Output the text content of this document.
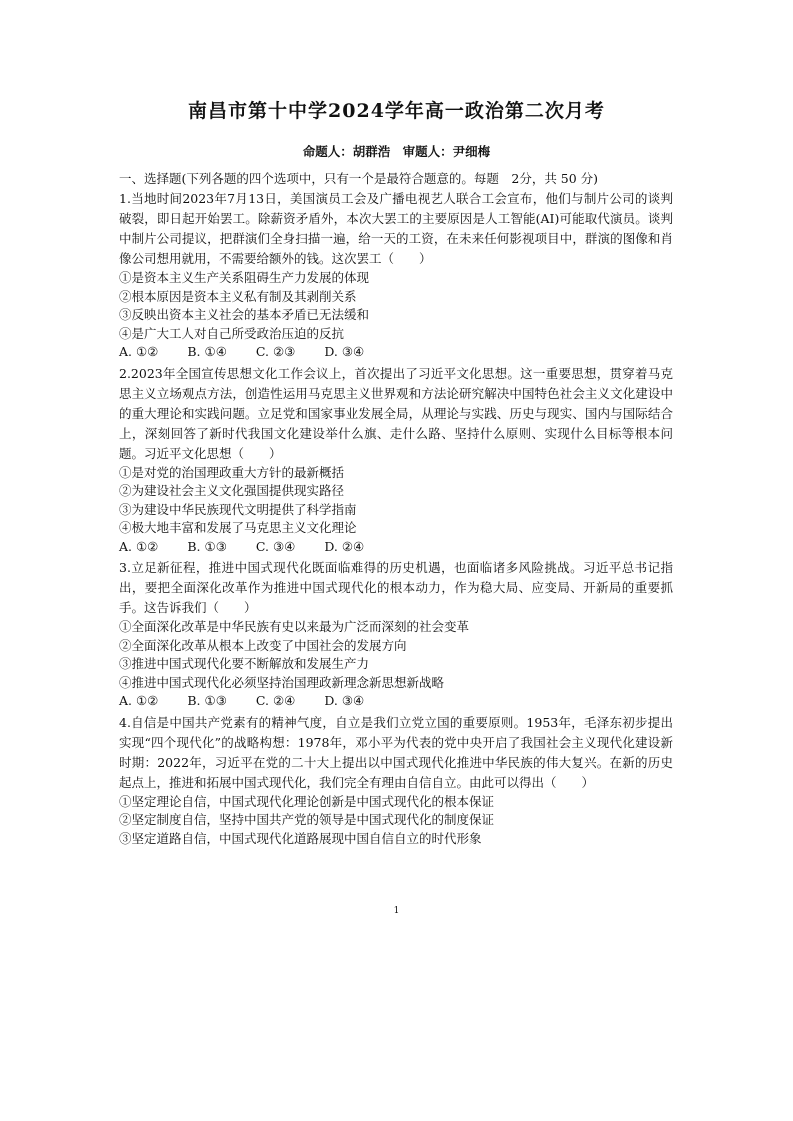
南昌市第十中学2024学年高一政治第二次月考
命题人：胡群浩 审题人：尹细梅
一、选择题(下列各题的四个选项中，只有一个是最符合题意的。每题　2分，共 50 分)
1.当地时间2023年7月13日，美国演员工会及广播电视艺人联合工会宣布，他们与制片公司的谈判破裂，即日起开始罢工。除薪资矛盾外，本次大罢工的主要原因是人工智能(AI)可能取代演员。谈判中制片公司提议，把群演们全身扫描一遍，给一天的工资，在未来任何影视项目中，群演的图像和肖像公司想用就用，不需要给额外的钱。这次罢工（　　）
①是资本主义生产关系阻碍生产力发展的体现
②根本原因是资本主义私有制及其剥削关系
③反映出资本主义社会的基本矛盾已无法缓和
④是广大工人对自己所受政治压迫的反抗
A. ①②　　 B. ①④　　 C. ②③　　 D. ③④
2.2023年全国宣传思想文化工作会议上，首次提出了习近平文化思想。这一重要思想，贯穿着马克思主义立场观点方法，创造性运用马克思主义世界观和方法论研究解决中国特色社会主义文化建设中的重大理论和实践问题。立足党和国家事业发展全局，从理论与实践、历史与现实、国内与国际结合上，深刻回答了新时代我国文化建设举什么旗、走什么路、坚持什么原则、实现什么目标等根本问题。习近平文化思想（　　）
①是对党的治国理政重大方针的最新概括
②为建设社会主义文化强国提供现实路径
③为建设中华民族现代文明提供了科学指南
④极大地丰富和发展了马克思主义文化理论
A. ①②　　 B. ①③　　 C. ③④　　 D. ②④
3.立足新征程，推进中国式现代化既面临难得的历史机遇，也面临诸多风险挑战。习近平总书记指出，要把全面深化改革作为推进中国式现代化的根本动力，作为稳大局、应变局、开新局的重要抓手。这告诉我们（　　）
①全面深化改革是中华民族有史以来最为广泛而深刻的社会变革
②全面深化改革从根本上改变了中国社会的发展方向
③推进中国式现代化要不断解放和发展生产力
④推进中国式现代化必须坚持治国理政新理念新思想新战略
A. ①②　　 B. ①③　　 C. ②④　　 D. ③④
4.自信是中国共产党素有的精神气度，自立是我们立党立国的重要原则。1953年，毛泽东初步提出实现“四个现代化”的战略构想：1978年，邓小平为代表的党中央开启了我国社会主义现代化建设新时期：2022年，习近平在党的二十大上提出以中国式现代化推进中华民族的伟大复兴。在新的历史起点上，推进和拓展中国式现代化，我们完全有理由自信自立。由此可以得出（　　）
①坚定理论自信，中国式现代化理论创新是中国式现代化的根本保证
②坚定制度自信，坚持中国共产党的领导是中国式现代化的制度保证
③坚定道路自信，中国式现代化道路展现中国自信自立的时代形象
1
